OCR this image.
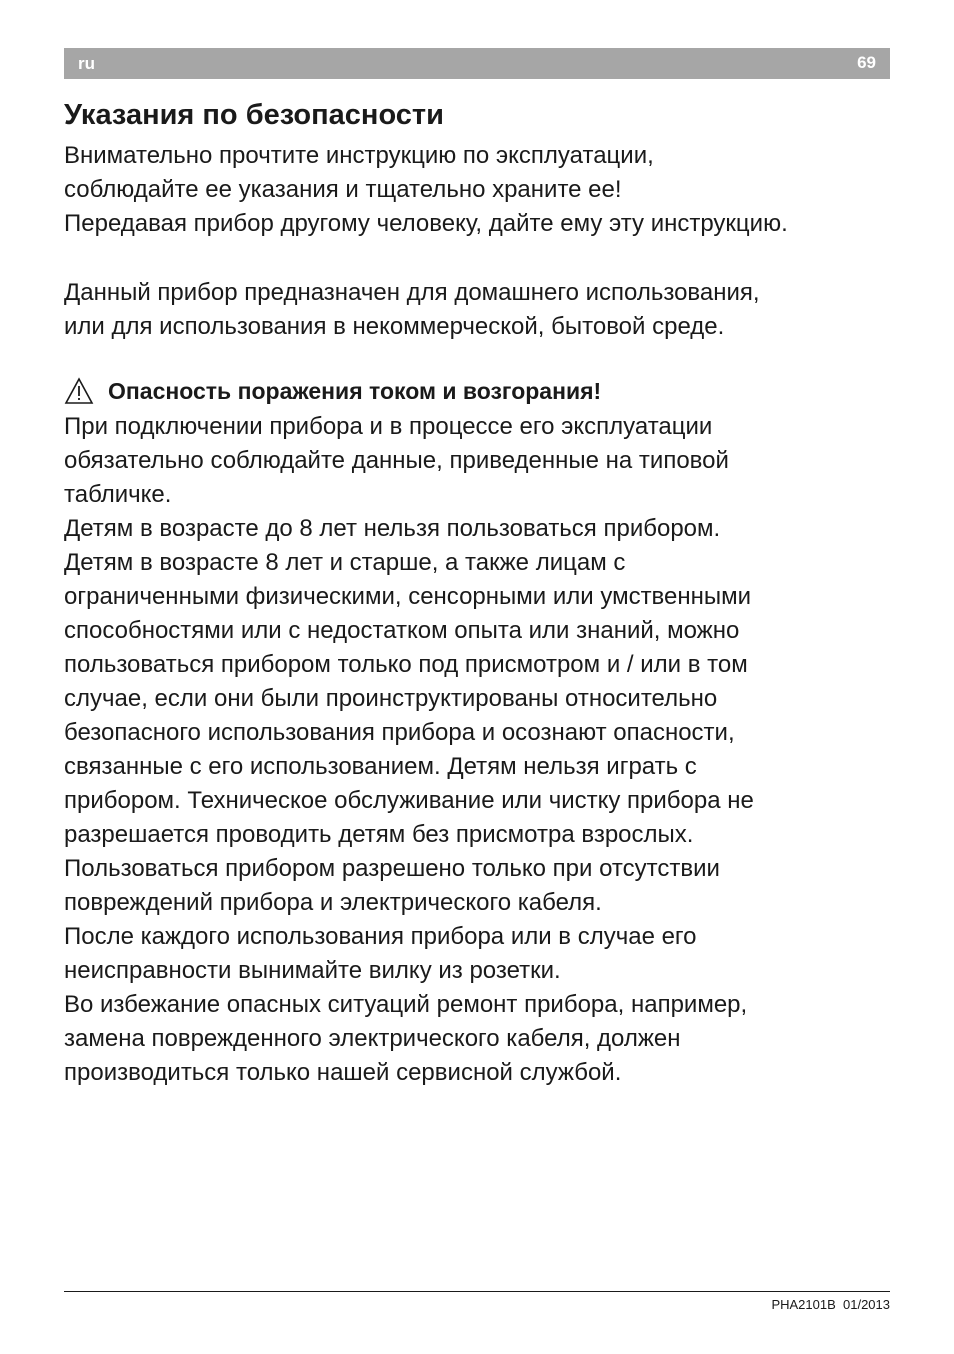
ru	69
Указания по безопасности
Внимательно прочтите инструкцию по эксплуатации,
соблюдайте ее указания и тщательно храните ее!
Передавая прибор другому человеку, дайте ему эту инструкцию.
Данный прибор предназначен для домашнего использования,
или для использования в некоммерческой, бытовой среде.
Опасность поражения током и возгорания!
При подключении прибора и в процессе его эксплуатации
обязательно соблюдайте данные, приведенные на типовой
табличке.
Детям в возрасте до 8 лет нельзя пользоваться прибором.
Детям в возрасте 8 лет и старше, а также лицам с
ограниченными физическими, сенсорными или умственными
способностями или с недостатком опыта или знаний, можно
пользоваться прибором только под присмотром и / или в том
случае, если они были проинструктированы относительно
безопасного использования прибора и осознают опасности,
связанные с его использованием. Детям нельзя играть с
прибором. Техническое обслуживание или чистку прибора не
разрешается проводить детям без присмотра взрослых.
Пользоваться прибором разрешено только при отсутствии
повреждений прибора и электрического кабеля.
После каждого использования прибора или в случае его
неисправности вынимайте вилку из розетки.
Во избежание опасных ситуаций ремонт прибора, например,
замена поврежденного электрического кабеля, должен
производиться только нашей сервисной службой.
PHA2101B 01/2013
